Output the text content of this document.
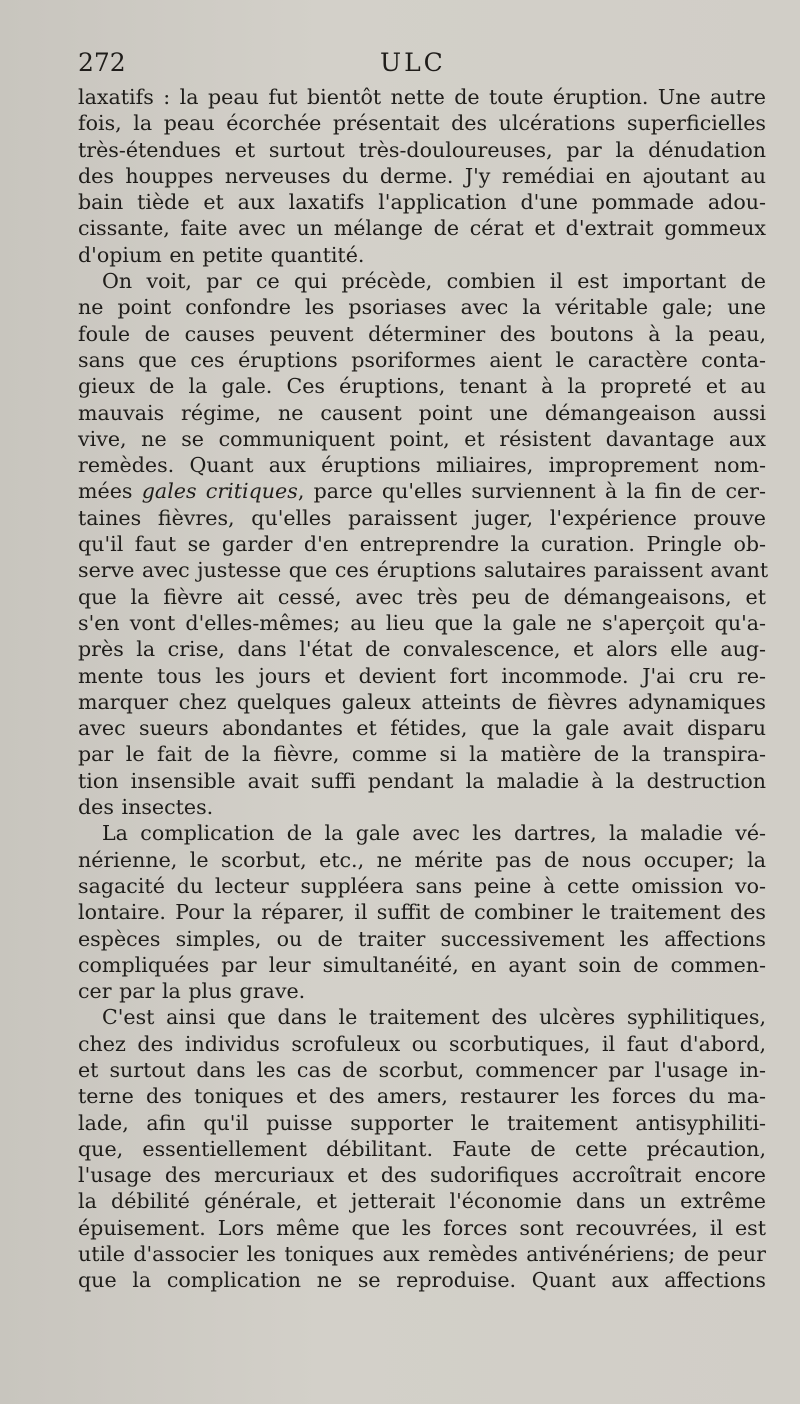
272	ULC
laxatifs : la peau fut bientôt nette de toute éruption. Une autre
fois, la peau écorchée présentait des ulcérations superficielles
très-étendues et surtout très-douloureuses, par la dénudation
des houppes nerveuses du derme. J'y remédiai en ajoutant au
bain tiède et aux laxatifs l'application d'une pommade adou-
cissante, faite avec un mélange de cérat et d'extrait gommeux
d'opium en petite quantité.
On voit, par ce qui précède, combien il est important de
ne point confondre les psoriases avec la véritable gale; une
foule de causes peuvent déterminer des boutons à la peau,
sans que ces éruptions psoriformes aient le caractère conta-
gieux de la gale. Ces éruptions, tenant à la propreté et au
mauvais régime, ne causent point une démangeaison aussi
vive, ne se communiquent point, et résistent davantage aux
remèdes. Quant aux éruptions miliaires, improprement nom-
mées gales critiques, parce qu'elles surviennent à la fin de cer-
taines fièvres, qu'elles paraissent juger, l'expérience prouve
qu'il faut se garder d'en entreprendre la curation. Pringle ob-
serve avec justesse que ces éruptions salutaires paraissent avant
que la fièvre ait cessé, avec très peu de démangeaisons, et
s'en vont d'elles-mêmes; au lieu que la gale ne s'aperçoit qu'a-
près la crise, dans l'état de convalescence, et alors elle aug-
mente tous les jours et devient fort incommode. J'ai cru re-
marquer chez quelques galeux atteints de fièvres adynamiques
avec sueurs abondantes et fétides, que la gale avait disparu
par le fait de la fièvre, comme si la matière de la transpira-
tion insensible avait suffi pendant la maladie à la destruction
des insectes.
La complication de la gale avec les dartres, la maladie vé-
nérienne, le scorbut, etc., ne mérite pas de nous occuper; la
sagacité du lecteur suppléera sans peine à cette omission vo-
lontaire. Pour la réparer, il suffit de combiner le traitement des
espèces simples, ou de traiter successivement les affections
compliquées par leur simultanéité, en ayant soin de commen-
cer par la plus grave.
C'est ainsi que dans le traitement des ulcères syphilitiques,
chez des individus scrofuleux ou scorbutiques, il faut d'abord,
et surtout dans les cas de scorbut, commencer par l'usage in-
terne des toniques et des amers, restaurer les forces du ma-
lade, afin qu'il puisse supporter le traitement antisyphiliti-
que, essentiellement débilitant. Faute de cette précaution,
l'usage des mercuriaux et des sudorifiques accroîtrait encore
la débilité générale, et jetterait l'économie dans un extrême
épuisement. Lors même que les forces sont recouvrées, il est
utile d'associer les toniques aux remèdes antivénériens; de peur
que la complication ne se reproduise. Quant aux affections
